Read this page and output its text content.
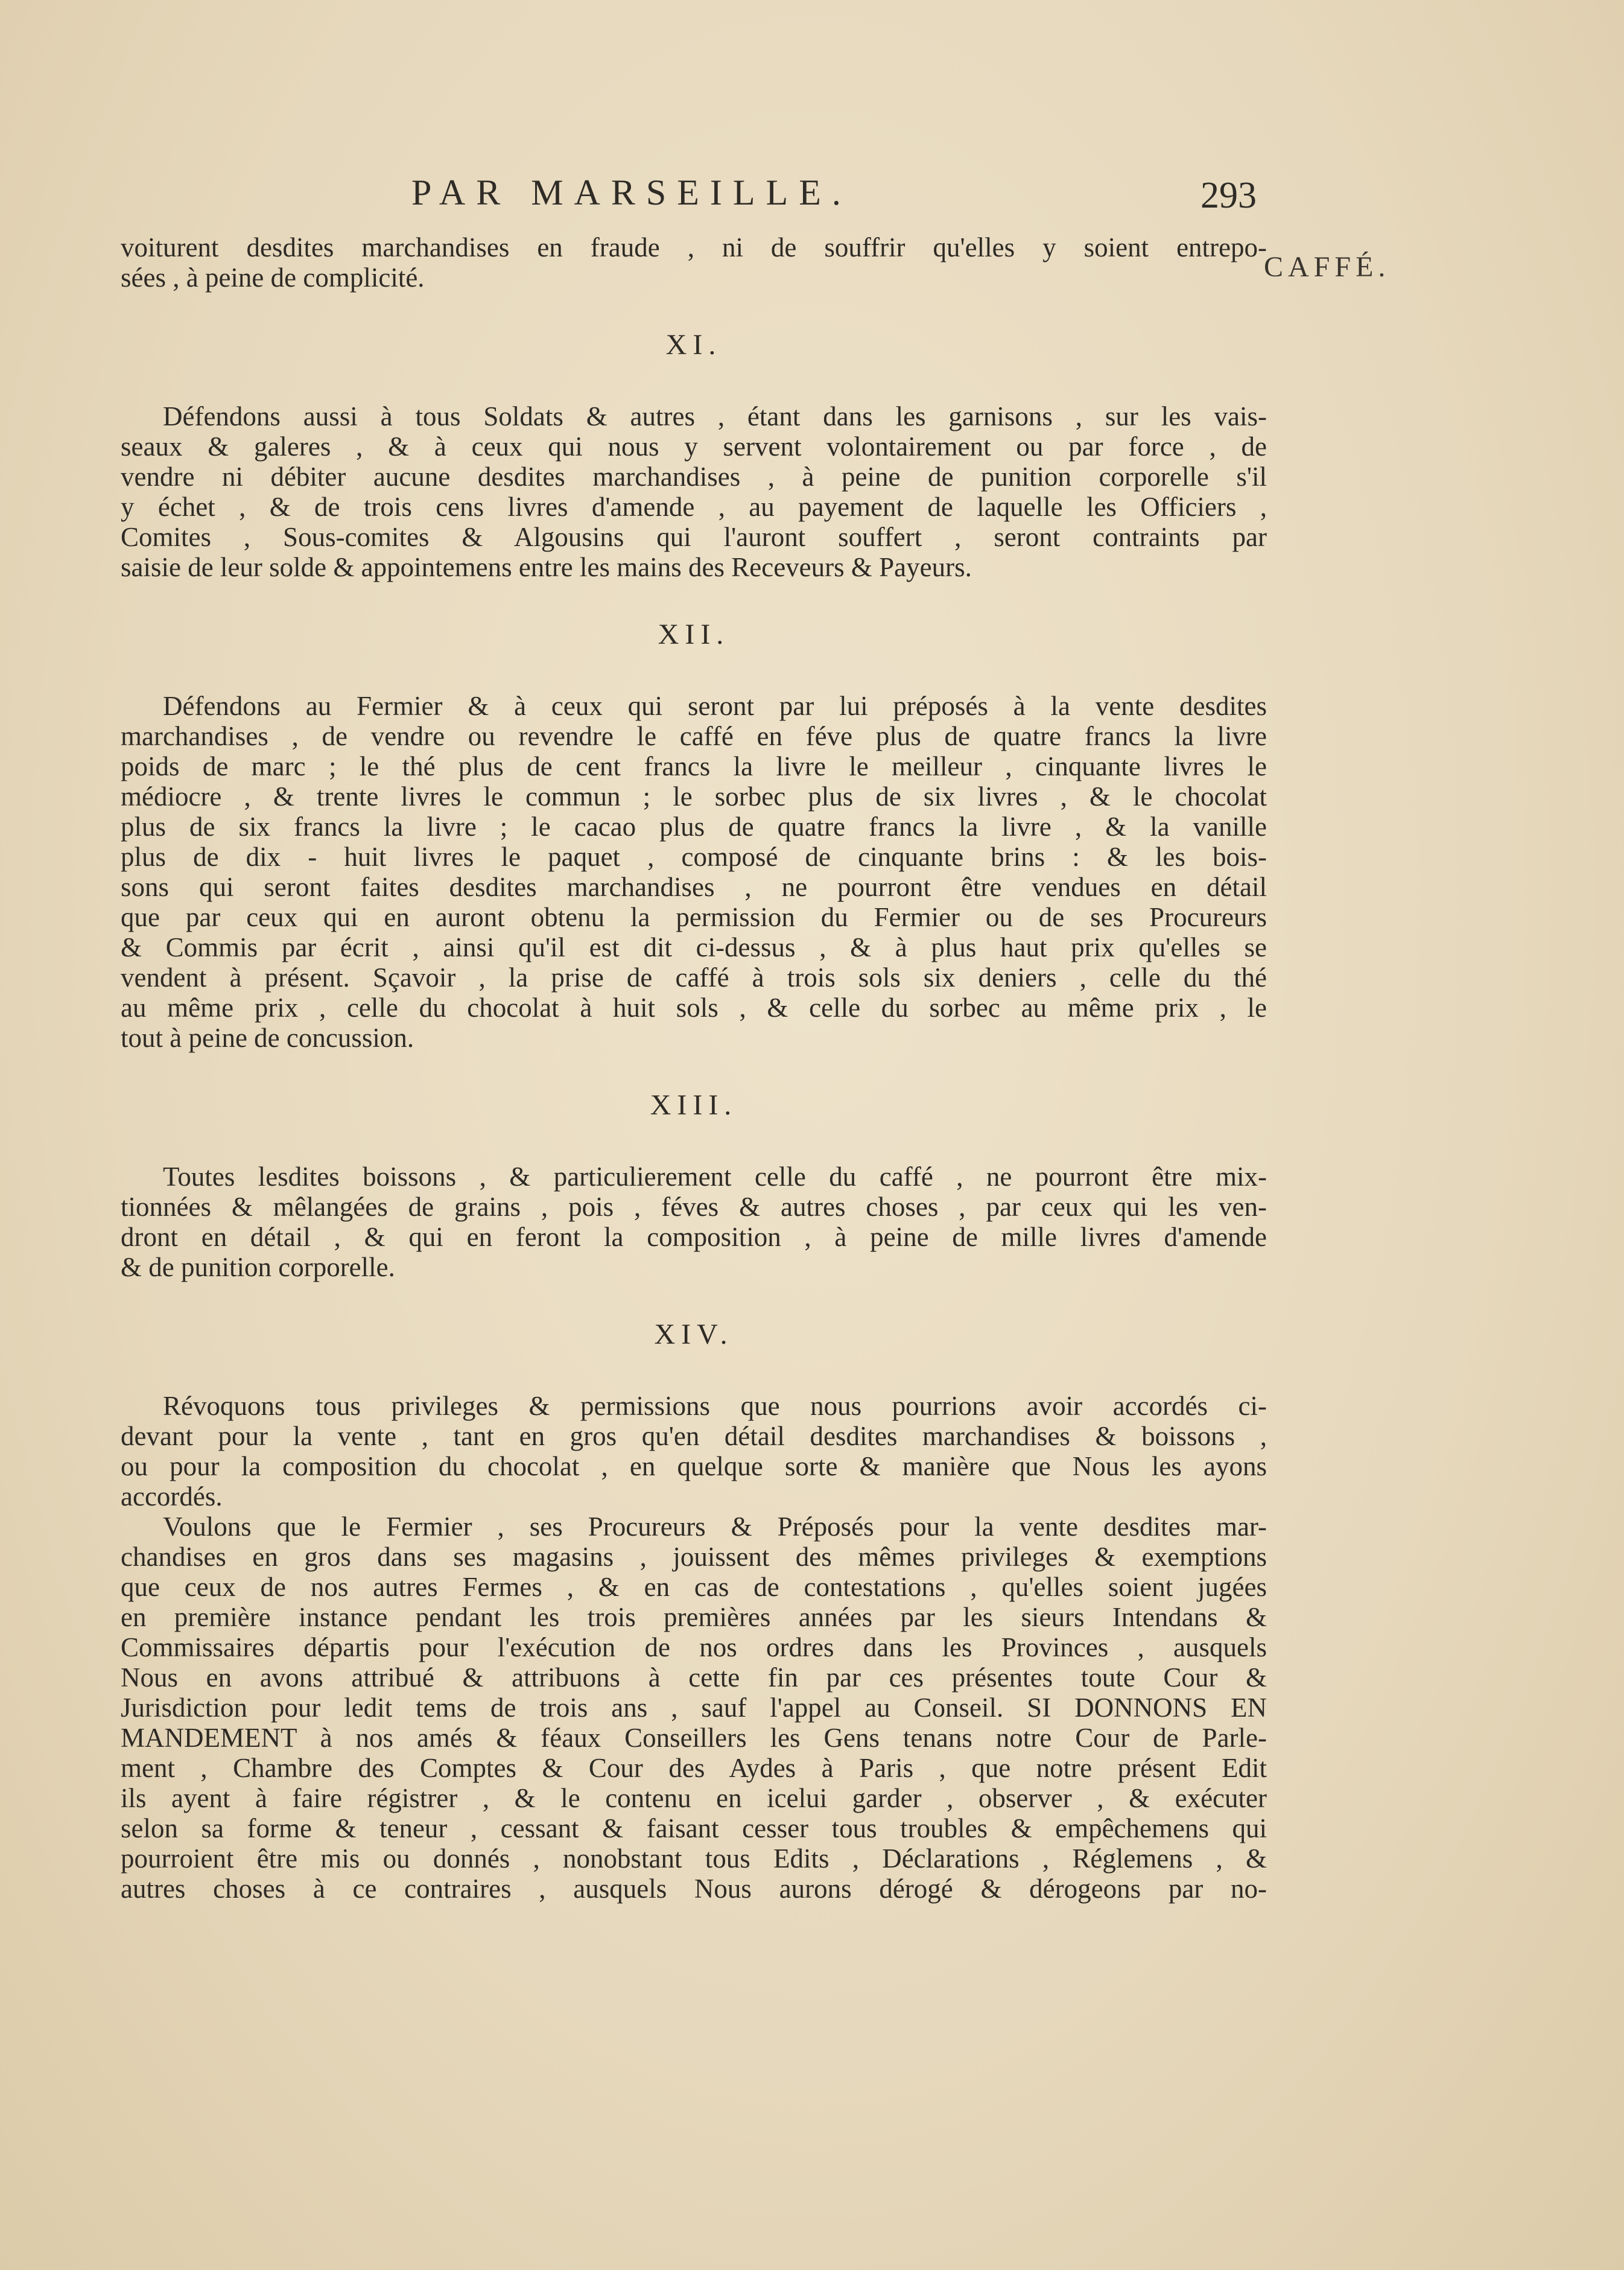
PAR MARSEILLE.	293
CAFFÉ.
voiturent desdites marchandises en fraude , ni de souffrir qu'elles y soient entrepo-
sées , à peine de complicité.
XI.
Défendons aussi à tous Soldats & autres , étant dans les garnisons , sur les vais-
seaux & galeres , & à ceux qui nous y servent volontairement ou par force , de
vendre ni débiter aucune desdites marchandises , à peine de punition corporelle s'il
y échet , & de trois cens livres d'amende , au payement de laquelle les Officiers ,
Comites , Sous-comites & Algousins qui l'auront souffert , seront contraints par
saisie de leur solde & appointemens entre les mains des Receveurs & Payeurs.
XII.
Défendons au Fermier & à ceux qui seront par lui préposés à la vente desdites
marchandises , de vendre ou revendre le caffé en féve plus de quatre francs la livre
poids de marc ; le thé plus de cent francs la livre le meilleur , cinquante livres le
médiocre , & trente livres le commun ; le sorbec plus de six livres , & le chocolat
plus de six francs la livre ; le cacao plus de quatre francs la livre , & la vanille
plus de dix - huit livres le paquet , composé de cinquante brins : & les bois-
sons qui seront faites desdites marchandises , ne pourront être vendues en détail
que par ceux qui en auront obtenu la permission du Fermier ou de ses Procureurs
& Commis par écrit , ainsi qu'il est dit ci-dessus , & à plus haut prix qu'elles se
vendent à présent. Sçavoir , la prise de caffé à trois sols six deniers , celle du thé
au même prix , celle du chocolat à huit sols , & celle du sorbec au même prix , le
tout à peine de concussion.
XIII.
Toutes lesdites boissons , & particulierement celle du caffé , ne pourront être mix-
tionnées & mêlangées de grains , pois , féves & autres choses , par ceux qui les ven-
dront en détail , & qui en feront la composition , à peine de mille livres d'amende
& de punition corporelle.
XIV.
Révoquons tous privileges & permissions que nous pourrions avoir accordés ci-
devant pour la vente , tant en gros qu'en détail desdites marchandises & boissons ,
ou pour la composition du chocolat , en quelque sorte & manière que Nous les ayons
accordés.
Voulons que le Fermier , ses Procureurs & Préposés pour la vente desdites mar-
chandises en gros dans ses magasins , jouissent des mêmes privileges & exemptions
que ceux de nos autres Fermes , & en cas de contestations , qu'elles soient jugées
en première instance pendant les trois premières années par les sieurs Intendans &
Commissaires départis pour l'exécution de nos ordres dans les Provinces , ausquels
Nous en avons attribué & attribuons à cette fin par ces présentes toute Cour &
Jurisdiction pour ledit tems de trois ans , sauf l'appel au Conseil. SI DONNONS EN
MANDEMENT à nos amés & féaux Conseillers les Gens tenans notre Cour de Parle-
ment , Chambre des Comptes & Cour des Aydes à Paris , que notre présent Edit
ils ayent à faire régistrer , & le contenu en icelui garder , observer , & exécuter
selon sa forme & teneur , cessant & faisant cesser tous troubles & empêchemens qui
pourroient être mis ou donnés , nonobstant tous Edits , Déclarations , Réglemens , &
autres choses à ce contraires , ausquels Nous aurons dérogé & dérogeons par no-
